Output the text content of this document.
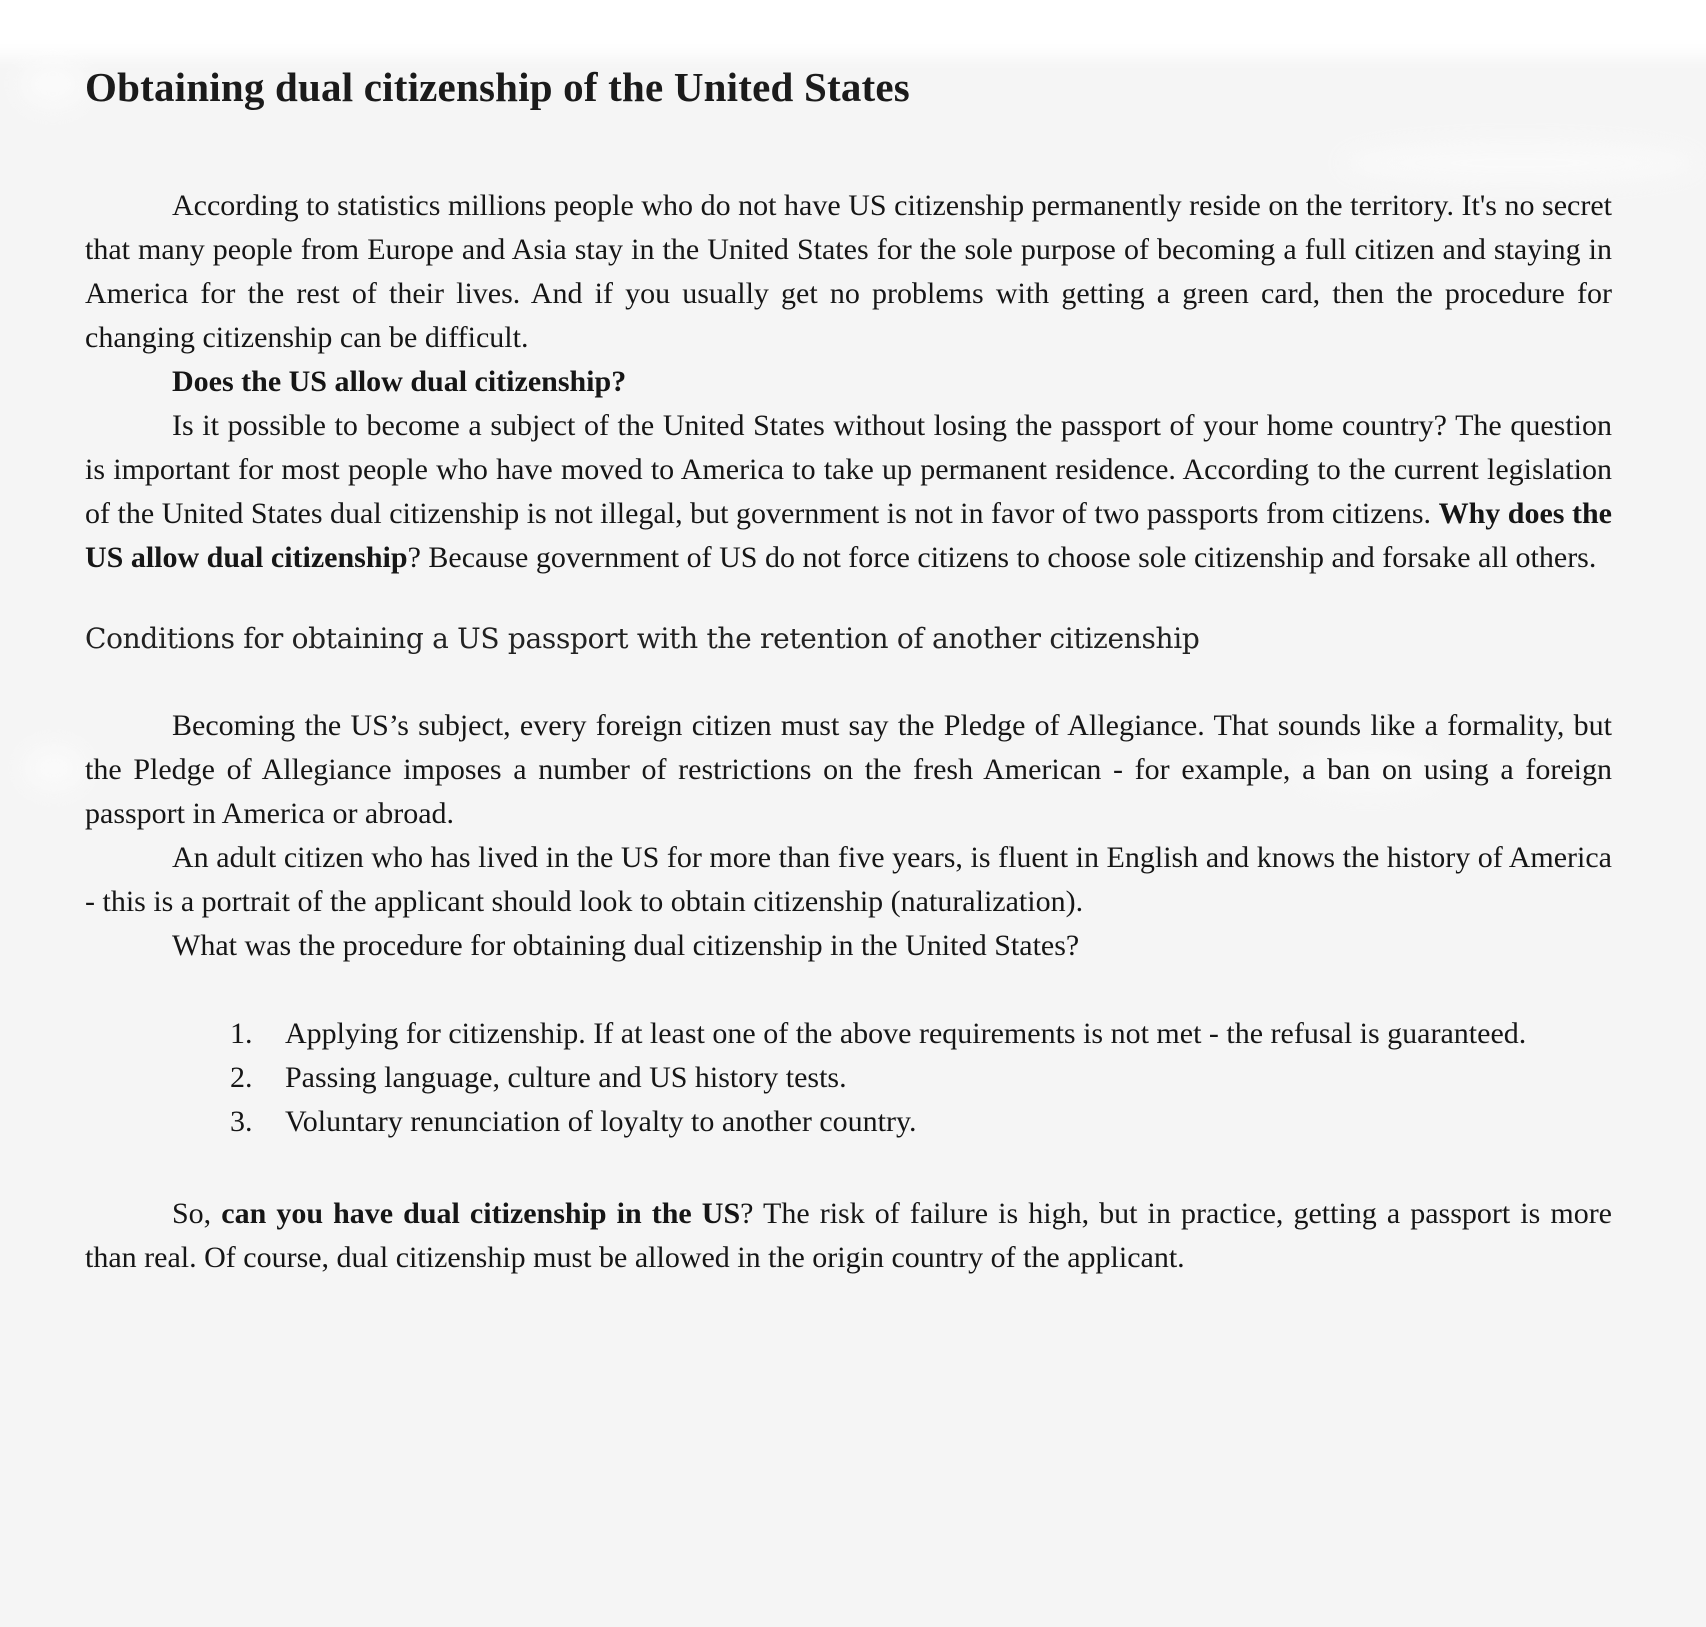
Obtaining dual citizenship of the United States

According to statistics millions people who do not have US citizenship permanently reside on the territory. It's no secret that many people from Europe and Asia stay in the United States for the sole purpose of becoming a full citizen and staying in America for the rest of their lives. And if you usually get no problems with getting a green card, then the procedure for changing citizenship can be difficult.

Does the US allow dual citizenship?

Is it possible to become a subject of the United States without losing the passport of your home country? The question is important for most people who have moved to America to take up permanent residence. According to the current legislation of the United States dual citizenship is not illegal, but government is not in favor of two passports from citizens. Why does the US allow dual citizenship? Because government of US do not force citizens to choose sole citizenship and forsake all others.

Conditions for obtaining a US passport with the retention of another citizenship

Becoming the US’s subject, every foreign citizen must say the Pledge of Allegiance. That sounds like a formality, but the Pledge of Allegiance imposes a number of restrictions on the fresh American - for example, a ban on using a foreign passport in America or abroad.

An adult citizen who has lived in the US for more than five years, is fluent in English and knows the history of America - this is a portrait of the applicant should look to obtain citizenship (naturalization).

What was the procedure for obtaining dual citizenship in the United States?

1. Applying for citizenship. If at least one of the above requirements is not met - the refusal is guaranteed.
2. Passing language, culture and US history tests.
3. Voluntary renunciation of loyalty to another country.

So, can you have dual citizenship in the US? The risk of failure is high, but in practice, getting a passport is more than real. Of course, dual citizenship must be allowed in the origin country of the applicant.
